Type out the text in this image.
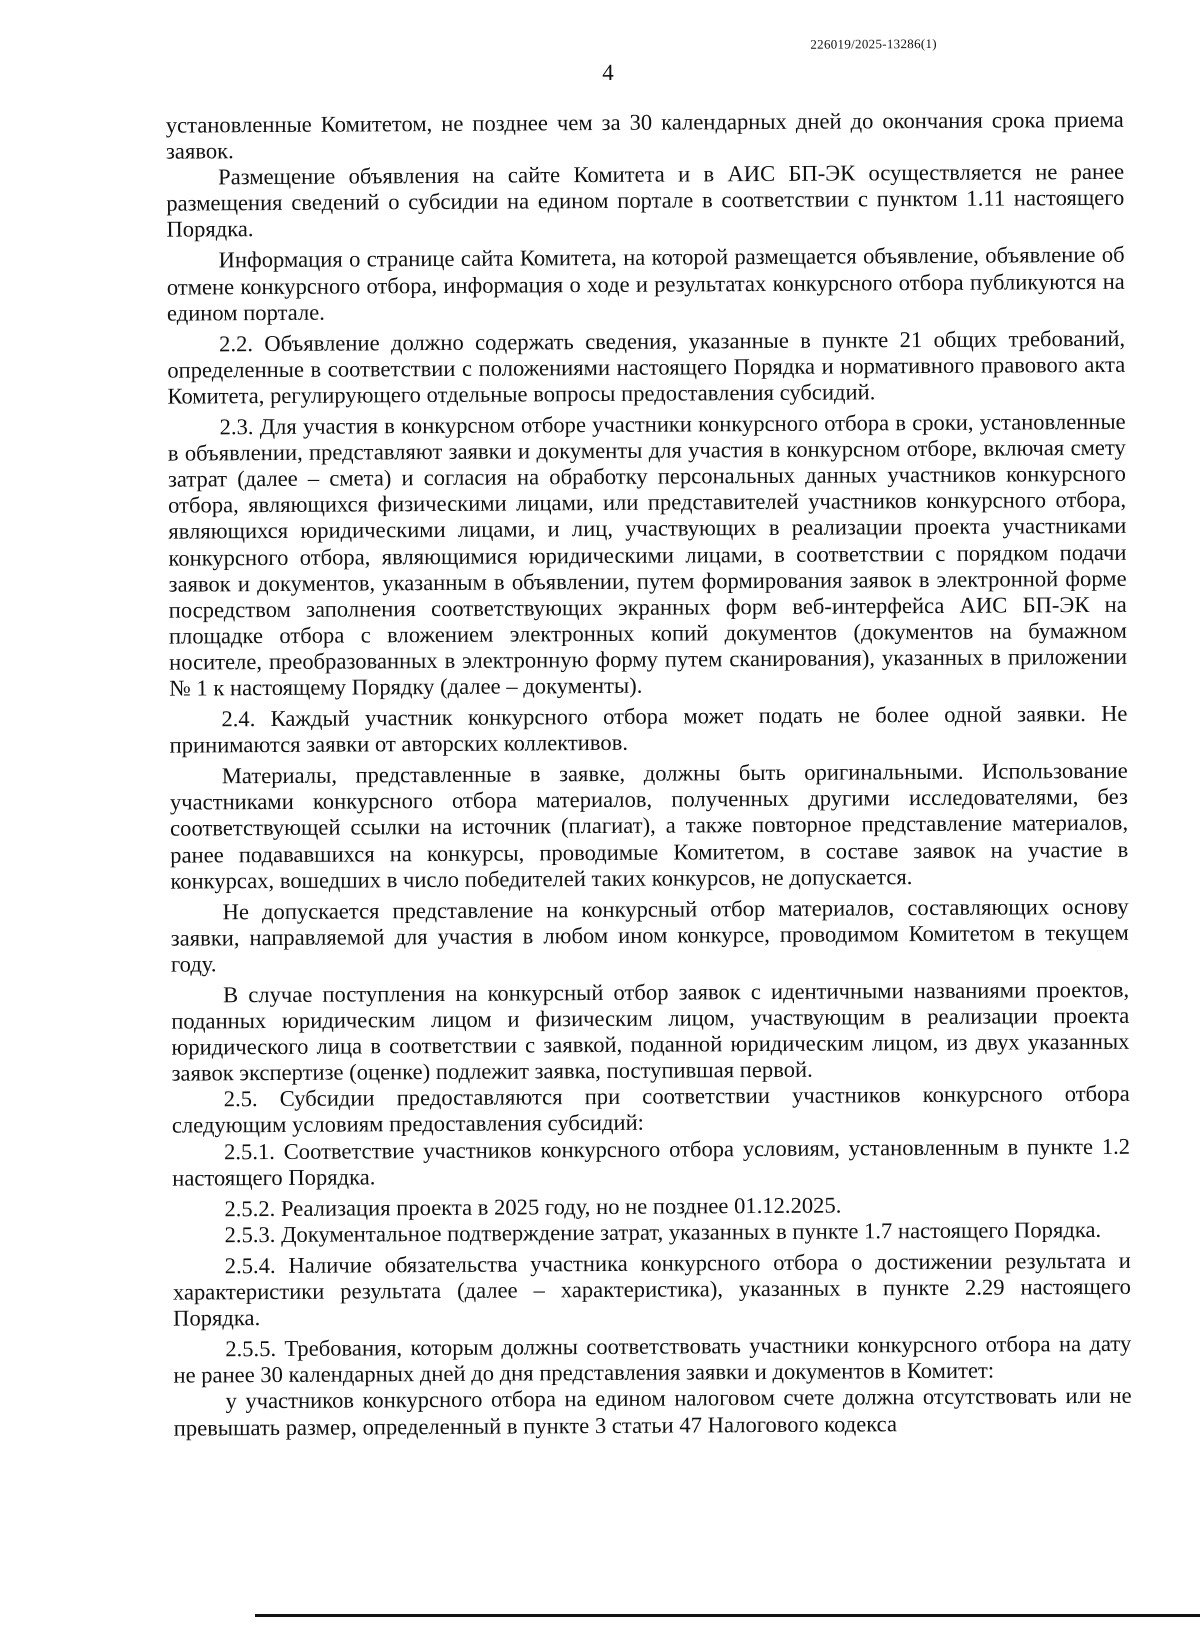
226019/2025-13286(1)
4

установленные Комитетом, не позднее чем за 30 календарных дней до окончания срока приема заявок.

Размещение объявления на сайте Комитета и в АИС БП-ЭК осуществляется не ранее размещения сведений о субсидии на едином портале в соответствии с пунктом 1.11 настоящего Порядка.

Информация о странице сайта Комитета, на которой размещается объявление, объявление об отмене конкурсного отбора, информация о ходе и результатах конкурсного отбора публикуются на едином портале.

2.2. Объявление должно содержать сведения, указанные в пункте 21 общих требований, определенные в соответствии с положениями настоящего Порядка и нормативного правового акта Комитета, регулирующего отдельные вопросы предоставления субсидий.

2.3. Для участия в конкурсном отборе участники конкурсного отбора в сроки, установленные в объявлении, представляют заявки и документы для участия в конкурсном отборе, включая смету затрат (далее – смета) и согласия на обработку персональных данных участников конкурсного отбора, являющихся физическими лицами, или представителей участников конкурсного отбора, являющихся юридическими лицами, и лиц, участвующих в реализации проекта участниками конкурсного отбора, являющимися юридическими лицами, в соответствии с порядком подачи заявок и документов, указанным в объявлении, путем формирования заявок в электронной форме посредством заполнения соответствующих экранных форм веб-интерфейса АИС БП-ЭК на площадке отбора с вложением электронных копий документов (документов на бумажном носителе, преобразованных в электронную форму путем сканирования), указанных в приложении № 1 к настоящему Порядку (далее – документы).

2.4. Каждый участник конкурсного отбора может подать не более одной заявки. Не принимаются заявки от авторских коллективов.

Материалы, представленные в заявке, должны быть оригинальными. Использование участниками конкурсного отбора материалов, полученных другими исследователями, без соответствующей ссылки на источник (плагиат), а также повторное представление материалов, ранее подававшихся на конкурсы, проводимые Комитетом, в составе заявок на участие в конкурсах, вошедших в число победителей таких конкурсов, не допускается.

Не допускается представление на конкурсный отбор материалов, составляющих основу заявки, направляемой для участия в любом ином конкурсе, проводимом Комитетом в текущем году.

В случае поступления на конкурсный отбор заявок с идентичными названиями проектов, поданных юридическим лицом и физическим лицом, участвующим в реализации проекта юридического лица в соответствии с заявкой, поданной юридическим лицом, из двух указанных заявок экспертизе (оценке) подлежит заявка, поступившая первой.

2.5. Субсидии предоставляются при соответствии участников конкурсного отбора следующим условиям предоставления субсидий:

2.5.1. Соответствие участников конкурсного отбора условиям, установленным в пункте 1.2 настоящего Порядка.

2.5.2. Реализация проекта в 2025 году, но не позднее 01.12.2025.

2.5.3. Документальное подтверждение затрат, указанных в пункте 1.7 настоящего Порядка.

2.5.4. Наличие обязательства участника конкурсного отбора о достижении результата и характеристики результата (далее – характеристика), указанных в пункте 2.29 настоящего Порядка.

2.5.5. Требования, которым должны соответствовать участники конкурсного отбора на дату не ранее 30 календарных дней до дня представления заявки и документов в Комитет:

у участников конкурсного отбора на едином налоговом счете должна отсутствовать или не превышать размер, определенный в пункте 3 статьи 47 Налогового кодекса
